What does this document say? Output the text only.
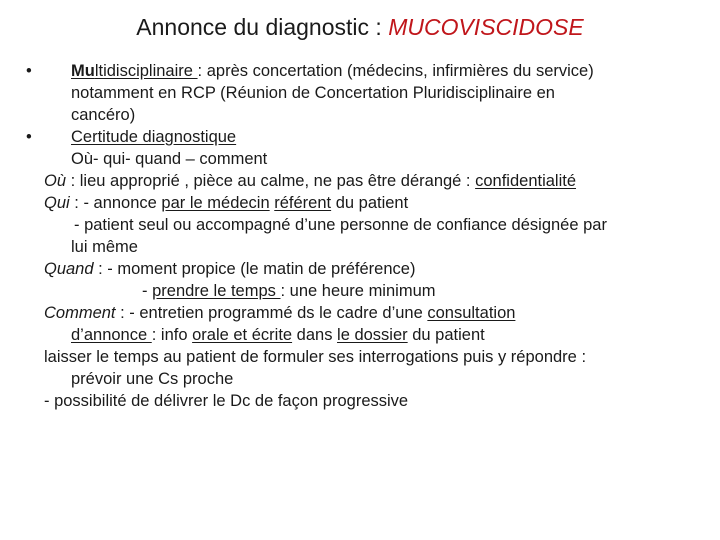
Annonce du diagnostic : MUCOVISCIDOSE
• Multidisciplinaire : après concertation (médecins, infirmières du service)
notamment en RCP (Réunion de Concertation Pluridisciplinaire en
cancéro)
• Certitude diagnostique
Où- qui- quand – comment
Où : lieu approprié , pièce au calme, ne pas être dérangé : confidentialité
Qui : - annonce par le médecin référent du patient
- patient seul ou accompagné d’une personne de confiance désignée par
lui même
Quand : - moment propice (le matin de préférence)
- prendre le temps : une heure minimum
Comment : - entretien programmé ds le cadre d’une consultation
d’annonce : info orale et écrite dans le dossier du patient
laisser le temps au patient de formuler ses interrogations puis y répondre :
prévoir une Cs proche
- possibilité de délivrer le Dc de façon progressive
